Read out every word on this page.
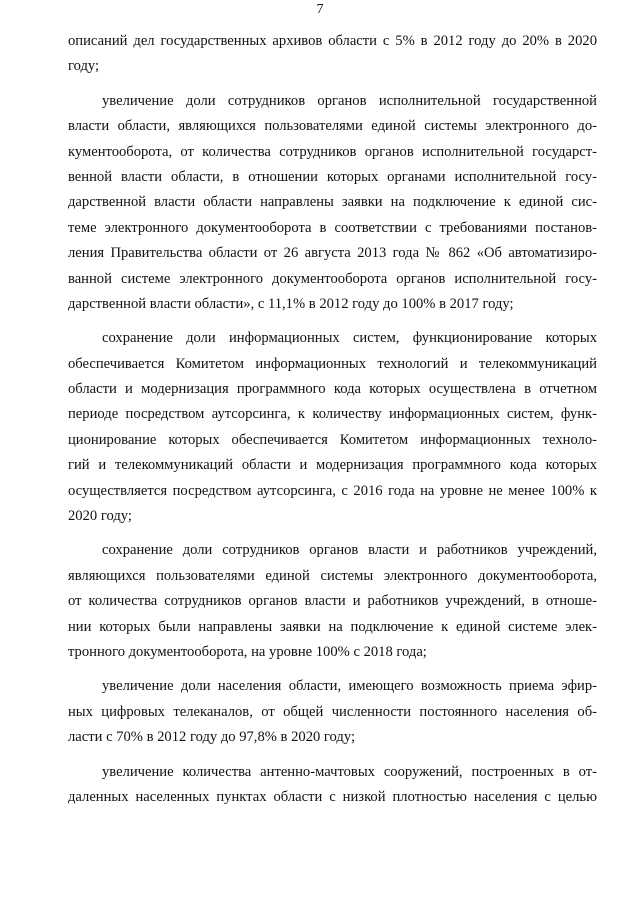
7
описаний дел государственных архивов области с 5% в 2012 году до 20% в 2020
году;
увеличение доли сотрудников органов исполнительной государственной
власти области, являющихся пользователями единой системы электронного до-
кументооборота, от количества сотрудников органов исполнительной государст-
венной власти области, в отношении которых органами исполнительной госу-
дарственной власти области направлены заявки на подключение к единой сис-
теме электронного документооборота в соответствии с требованиями постанов-
ления Правительства области от 26 августа 2013 года № 862 «Об автоматизиро-
ванной системе электронного документооборота органов исполнительной госу-
дарственной власти области», с 11,1% в 2012 году до 100% в 2017 году;
сохранение доли информационных систем, функционирование которых
обеспечивается Комитетом информационных технологий и телекоммуникаций
области и модернизация программного кода которых осуществлена в отчетном
периоде посредством аутсорсинга, к количеству информационных систем, функ-
ционирование которых обеспечивается Комитетом информационных техноло-
гий и телекоммуникаций области и модернизация программного кода которых
осуществляется посредством аутсорсинга, с 2016 года на уровне не менее 100% к
2020 году;
сохранение доли сотрудников органов власти и работников учреждений,
являющихся пользователями единой системы электронного документооборота,
от количества сотрудников органов власти и работников учреждений, в отноше-
нии которых были направлены заявки на подключение к единой системе элек-
тронного документооборота, на уровне 100% с 2018 года;
увеличение доли населения области, имеющего возможность приема эфир-
ных цифровых телеканалов, от общей численности постоянного населения об-
ласти с 70% в 2012 году до 97,8% в 2020 году;
увеличение количества антенно-мачтовых сооружений, построенных в от-
даленных населенных пунктах области с низкой плотностью населения с целью
